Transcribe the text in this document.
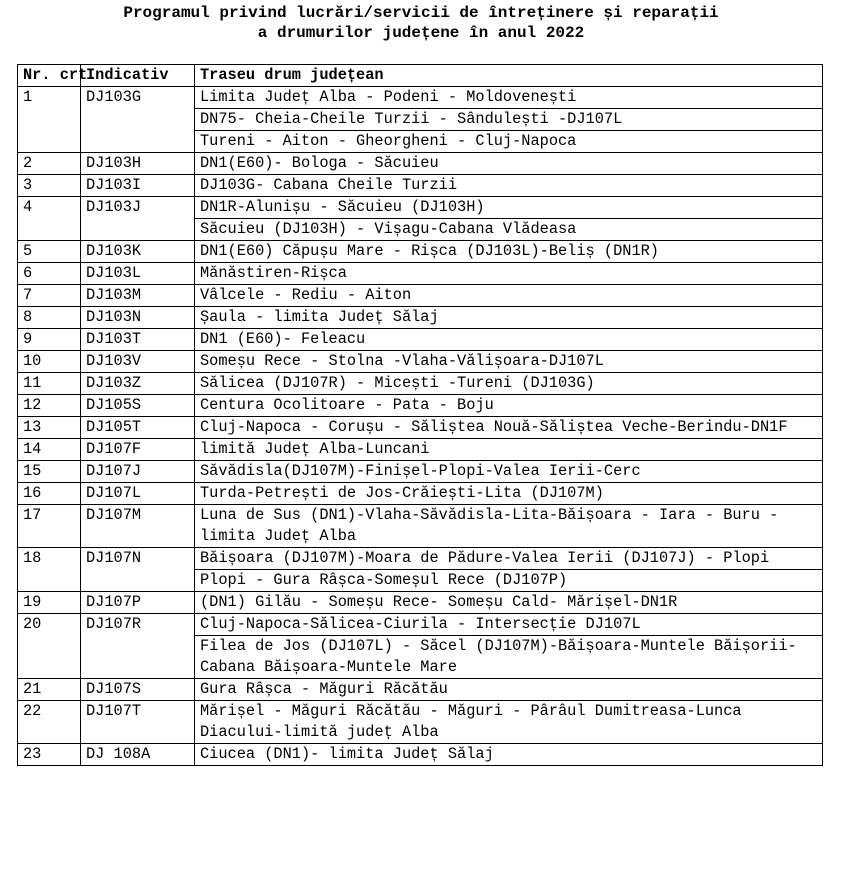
Programul privind lucrări/servicii de întreținere și reparații
a drumurilor județene în anul 2022
Nr. crt.	Indicativ	Traseu drum județean
1	DJ103G	Limita Județ Alba - Podeni - Moldovenești
		DN75- Cheia-Cheile Turzii - Sândulești -DJ107L
		Tureni - Aiton - Gheorgheni - Cluj-Napoca
2	DJ103H	DN1(E60)- Bologa - Săcuieu
3	DJ103I	DJ103G- Cabana Cheile Turzii
4	DJ103J	DN1R-Alunișu - Săcuieu (DJ103H)
		Săcuieu (DJ103H) - Vișagu-Cabana Vlădeasa
5	DJ103K	DN1(E60) Căpușu Mare - Rișca (DJ103L)-Beliș (DN1R)
6	DJ103L	Mănăstiren-Rișca
7	DJ103M	Vâlcele - Rediu - Aiton
8	DJ103N	Șaula - limita Județ Sălaj
9	DJ103T	DN1 (E60)- Feleacu
10	DJ103V	Someșu Rece - Stolna -Vlaha-Vălișoara-DJ107L
11	DJ103Z	Sălicea (DJ107R) - Micești -Tureni (DJ103G)
12	DJ105S	Centura Ocolitoare - Pata - Boju
13	DJ105T	Cluj-Napoca - Corușu - Săliștea Nouă-Săliștea Veche-Berindu-DN1F
14	DJ107F	limită Județ Alba-Luncani
15	DJ107J	Săvădisla(DJ107M)-Finișel-Plopi-Valea Ierii-Cerc
16	DJ107L	Turda-Petrești de Jos-Crăiești-Lita (DJ107M)
17	DJ107M	Luna de Sus (DN1)-Vlaha-Săvădisla-Lita-Băișoara - Iara - Buru - limita Județ Alba
18	DJ107N	Băișoara (DJ107M)-Moara de Pădure-Valea Ierii (DJ107J) - Plopi
		Plopi - Gura Râșca-Someșul Rece (DJ107P)
19	DJ107P	(DN1) Gilău - Someșu Rece- Someșu Cald- Mărișel-DN1R
20	DJ107R	Cluj-Napoca-Sălicea-Ciurila - Intersecție DJ107L
		Filea de Jos (DJ107L) - Săcel (DJ107M)-Băișoara-Muntele Băișorii-Cabana Băișoara-Muntele Mare
21	DJ107S	Gura Râșca - Măguri Răcătău
22	DJ107T	Mărișel - Măguri Răcătău - Măguri - Pârâul Dumitreasa-Lunca Diacului-limită județ Alba
23	DJ 108A	Ciucea (DN1)- limita Județ Sălaj
